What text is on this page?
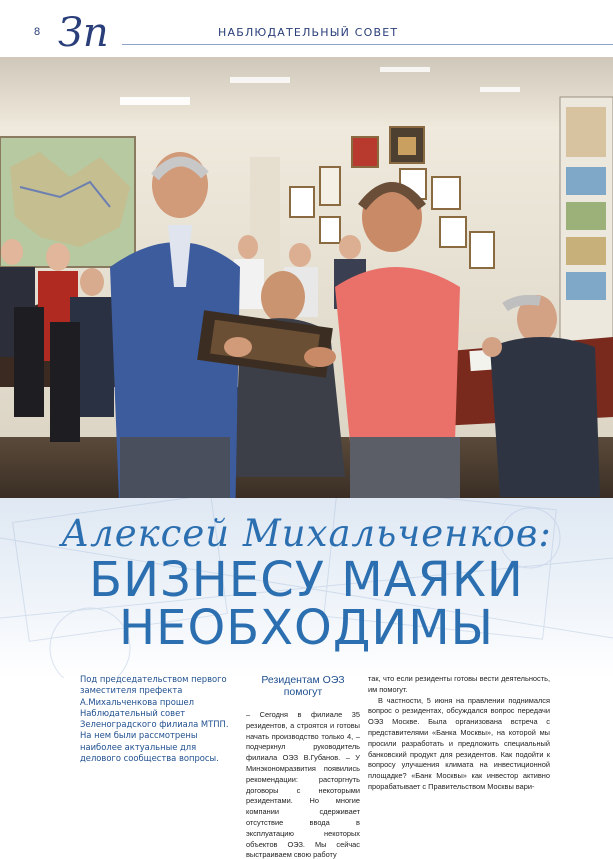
8 Зп	НАБЛЮДАТЕЛЬНЫЙ СОВЕТ
Алексей Михальченков:
БИЗНЕСУ МАЯКИ
НЕОБХОДИМЫ
Под председательством первого заместителя префекта А.Михальченкова прошел Наблюдательный совет Зеленоградского филиала МТПП. На нем были рассмотрены наиболее актуальные для делового сообщества вопросы.
Резидентам ОЭЗ
помогут
– Сегодня в филиале 35 резидентов, а строятся и готовы начать производство только 4, – подчеркнул руководитель филиала ОЭЗ В.Губанов. – У Минэкономразвития появились рекомендации: расторгнуть договоры с некоторыми резидентами. Но многие компании сдерживает отсутствие ввода в эксплуатацию некоторых объектов ОЭЗ. Мы сейчас выстраиваем свою работу

так, что если резиденты готовы вести деятельность, им помогут.

В частности, 5 июня на правлении поднимался вопрос о резидентах, обсуждался вопрос передачи ОЭЗ Москве. Была организована встреча с представителями «Банка Москвы», на которой мы просили разработать и предложить специальный банковский продукт для резидентов. Как подойти к вопросу улучшения климата на инвестиционной площадке? «Банк Москвы» как инвестор активно прорабатывает с Правительством Москвы вари-
